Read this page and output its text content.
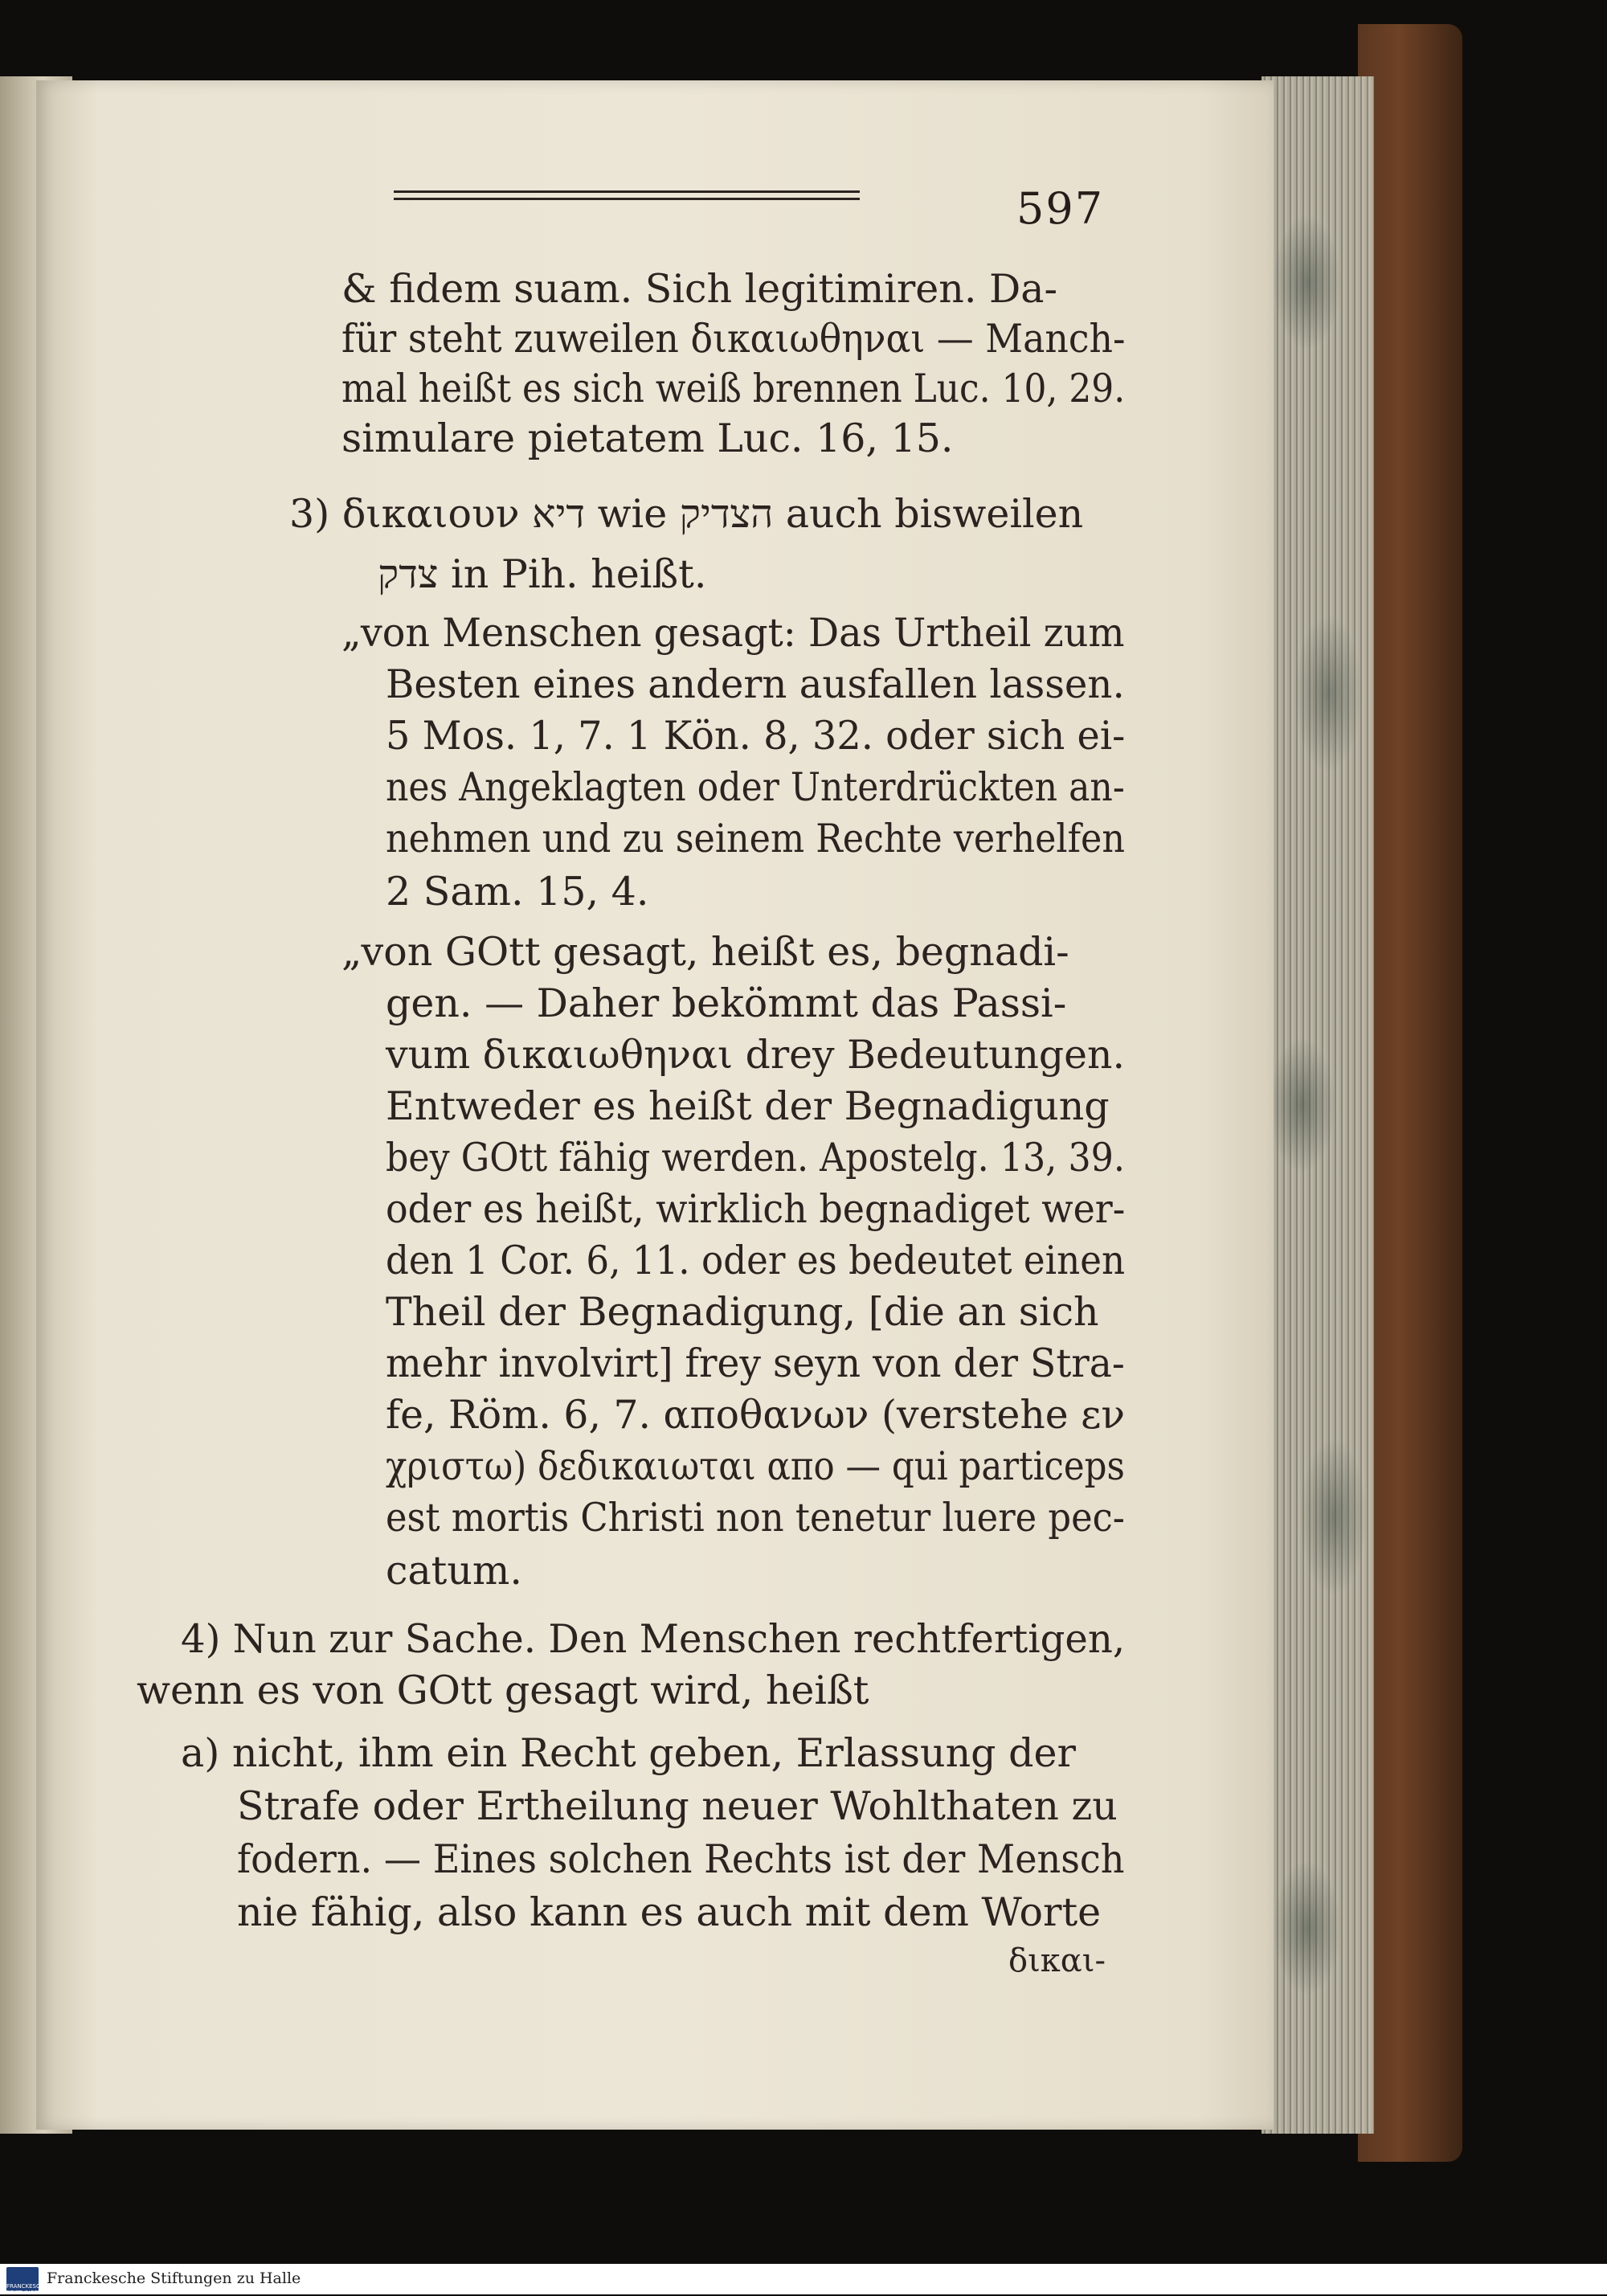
597
& fidem suam. Sich legitimiren. Da-
für steht zuweilen δικαιωθηναι — Manch-
mal heißt es sich weiß brennen Luc. 10, 29.
simulare pietatem Luc. 16, 15.
3) δικαιουν דיא wie הצדיק auch bisweilen
צדק in Pih. heißt.
„von Menschen gesagt: Das Urtheil zum
Besten eines andern ausfallen lassen.
5 Mos. 1, 7. 1 Kön. 8, 32. oder sich ei-
nes Angeklagten oder Unterdrückten an-
nehmen und zu seinem Rechte verhelfen
2 Sam. 15, 4.
„von GOtt gesagt, heißt es, begnadi-
gen. — Daher bekömmt das Passi-
vum δικαιωθηναι drey Bedeutungen.
Entweder es heißt der Begnadigung
bey GOtt fähig werden. Apostelg. 13, 39.
oder es heißt, wirklich begnadiget wer-
den 1 Cor. 6, 11. oder es bedeutet einen
Theil der Begnadigung, [die an sich
mehr involvirt] frey seyn von der Stra-
fe, Röm. 6, 7. αποθανων (verstehe εν
χριστω) δεδικαιωται απο — qui particeps
est mortis Christi non tenetur luere pec-
catum.
4) Nun zur Sache. Den Menschen rechtfertigen,
wenn es von GOtt gesagt wird, heißt
a) nicht, ihm ein Recht geben, Erlassung der
Strafe oder Ertheilung neuer Wohlthaten zu
fodern. — Eines solchen Rechts ist der Mensch
nie fähig, also kann es auch mit dem Worte
δικαι-
FRANCKESCHE STIFTUNGEN
Franckesche Stiftungen zu Halle
